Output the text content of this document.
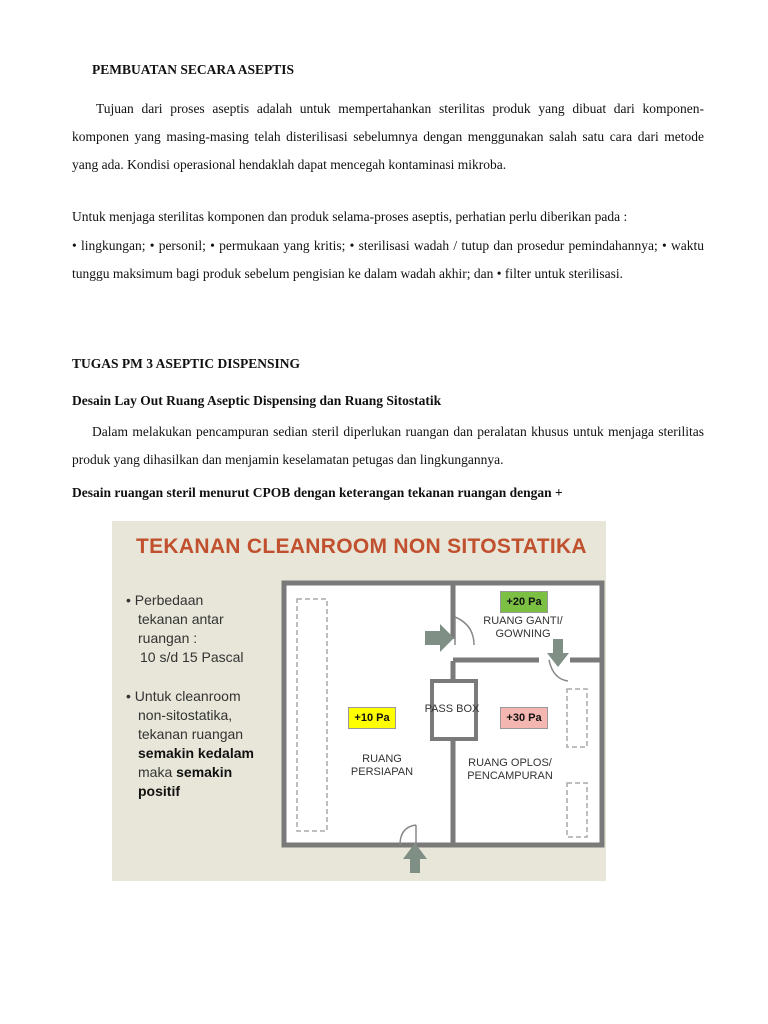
PEMBUATAN SECARA ASEPTIS

Tujuan dari proses aseptis adalah untuk mempertahankan sterilitas produk yang dibuat dari komponen-komponen yang masing-masing telah disterilisasi sebelumnya dengan menggunakan salah satu cara dari metode yang ada. Kondisi operasional hendaklah dapat mencegah kontaminasi mikroba.

Untuk menjaga sterilitas komponen dan produk selama-proses aseptis, perhatian perlu diberikan pada :

• lingkungan; • personil; • permukaan yang kritis; • sterilisasi wadah / tutup dan prosedur pemindahannya; • waktu tunggu maksimum bagi produk sebelum pengisian ke dalam wadah akhir; dan • filter untuk sterilisasi.

TUGAS PM 3 ASEPTIC DISPENSING
Desain Lay Out Ruang Aseptic Dispensing dan Ruang Sitostatik

Dalam melakukan pencampuran sedian steril diperlukan ruangan dan peralatan khusus untuk menjaga sterilitas produk yang dihasilkan dan menjamin keselamatan petugas dan lingkungannya.

Desain ruangan steril menurut CPOB dengan keterangan tekanan ruangan dengan +

TEKANAN CLEANROOM NON SITOSTATIKA

• Perbedaan

tekanan antar
ruangan :
10 s/d 15 Pascal
• Untuk cleanroom

non-sitostatika,
tekanan ruangan
semakin kedalam
maka semakin
positif
+20 Pa
+10 Pa	+30 Pa
RUANG GANTI/
GOWNING
PASS BOX
RUANG
PERSIAPAN
RUANG OPLOS/
PENCAMPURAN
